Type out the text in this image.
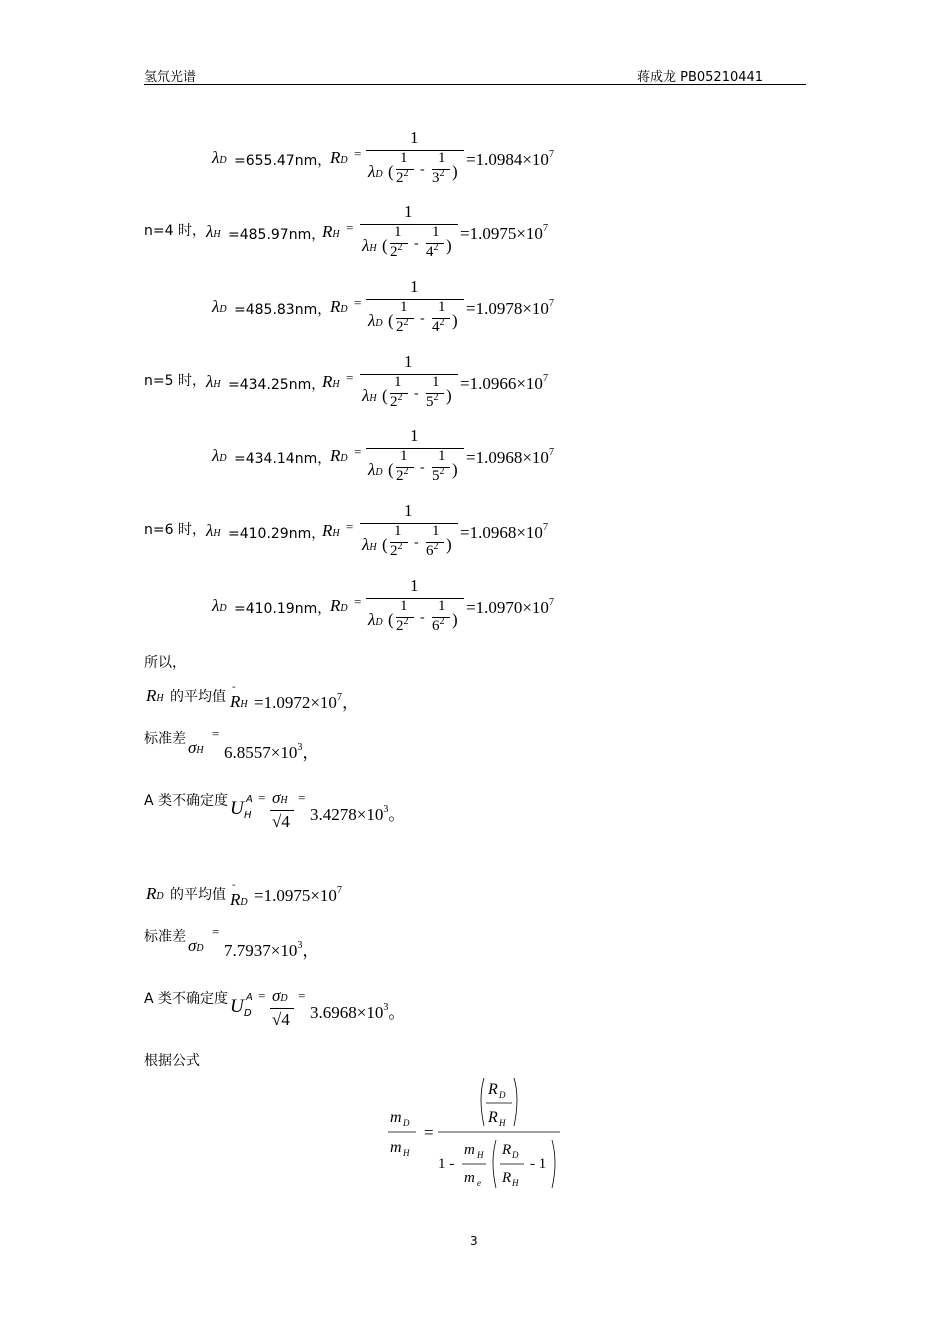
氢氘光谱	蒋成龙 PB05210441
λD =655.47nm，
RD =
1
λD (
1
$2^2$ -
1
$3^2$ )
$=1.0984\times 10^7$
n=4 时， λH =485.97nm，
RH =
1
λH (
1
$2^2$ -
1
$4^2$ )
$=1.0975\times 10^7$
λD =485.83nm，
RD =
1
λD (
1
$2^2$ -
1
$4^2$ )
$=1.0978\times 10^7$
n=5 时， λH =434.25nm，
RH =
1
λH (
1
$2^2$ -
1
$5^2$ )
$=1.0966\times 10^7$
λD =434.14nm，
RD =
1
λD (
1
$2^2$ -
1
$5^2$ )
$=1.0968\times 10^7$
n=6 时， λH =410.29nm，
RH =
1
λH (
1
$2^2$ -
1
$6^2$ )
$=1.0968\times 10^7$
λD =410.19nm，
RD =
1
λD (
1
$2^2$ -
1
$6^2$ )
$=1.0970\times 10^7$
所以，
RH 的平均值 RH
-
$=1.0972\times 10^7$，
标准差 σH
=
$6.8557\times 10^3$，
A 类不确定度 U A
H
= σH
√4
=
$3.4278\times 10^3$。
RD 的平均值 RD
-
$=1.0975\times 10^7$
标准差 σD
=
$7.7937\times 10^3$，
A 类不确定度 U A
D
= σD
√4
=
$3.6968\times 10^3$。
根据公式
m D
m H
=
R D
R H
1 -
m H
m e
R D
R H
- 1
3
